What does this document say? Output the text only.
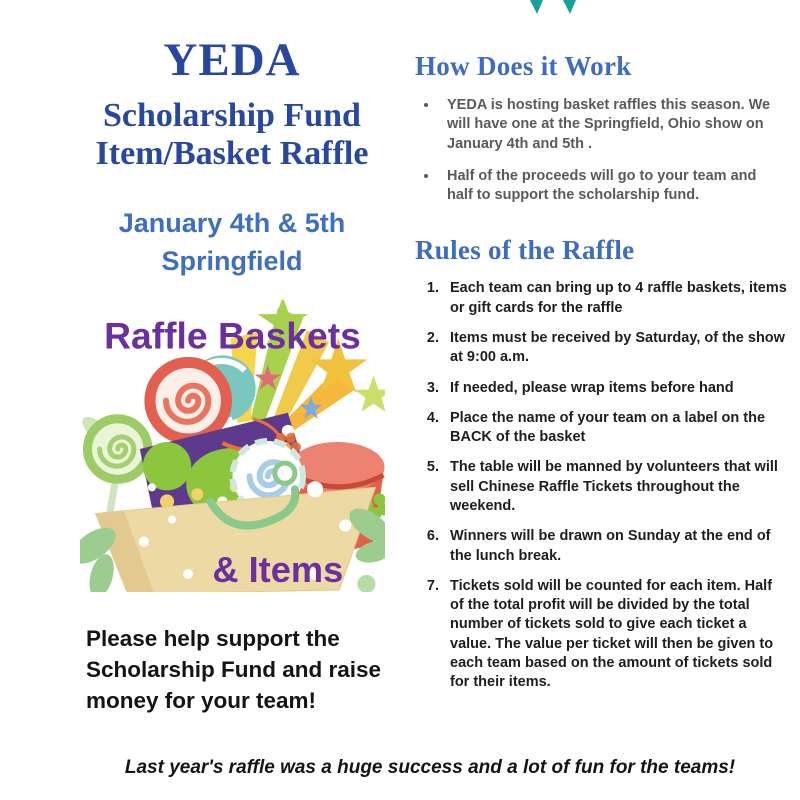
YEDA
Scholarship Fund
Item/Basket Raffle
January 4th & 5th
Springfield
Raffle Baskets
& Items
Please help support the Scholarship Fund and raise money for your team!
How Does it Work
• YEDA is hosting basket raffles this season. We will have one at the Springfield, Ohio show on January 4th and 5th .
• Half of the proceeds will go to your team and half to support the scholarship fund.
Rules of the Raffle
1. Each team can bring up to 4 raffle baskets, items or gift cards for the raffle
2. Items must be received by Saturday, of the show at 9:00 a.m.
3. If needed, please wrap items before hand
4. Place the name of your team on a label on the BACK of the basket
5. The table will be manned by volunteers that will sell Chinese Raffle Tickets throughout the weekend.
6. Winners will be drawn on Sunday at the end of the lunch break.
7. Tickets sold will be counted for each item. Half of the total profit will be divided by the total number of tickets sold to give each ticket a value. The value per ticket will then be given to each team based on the amount of tickets sold for their items.
Last year's raffle was a huge success and a lot of fun for the teams!
